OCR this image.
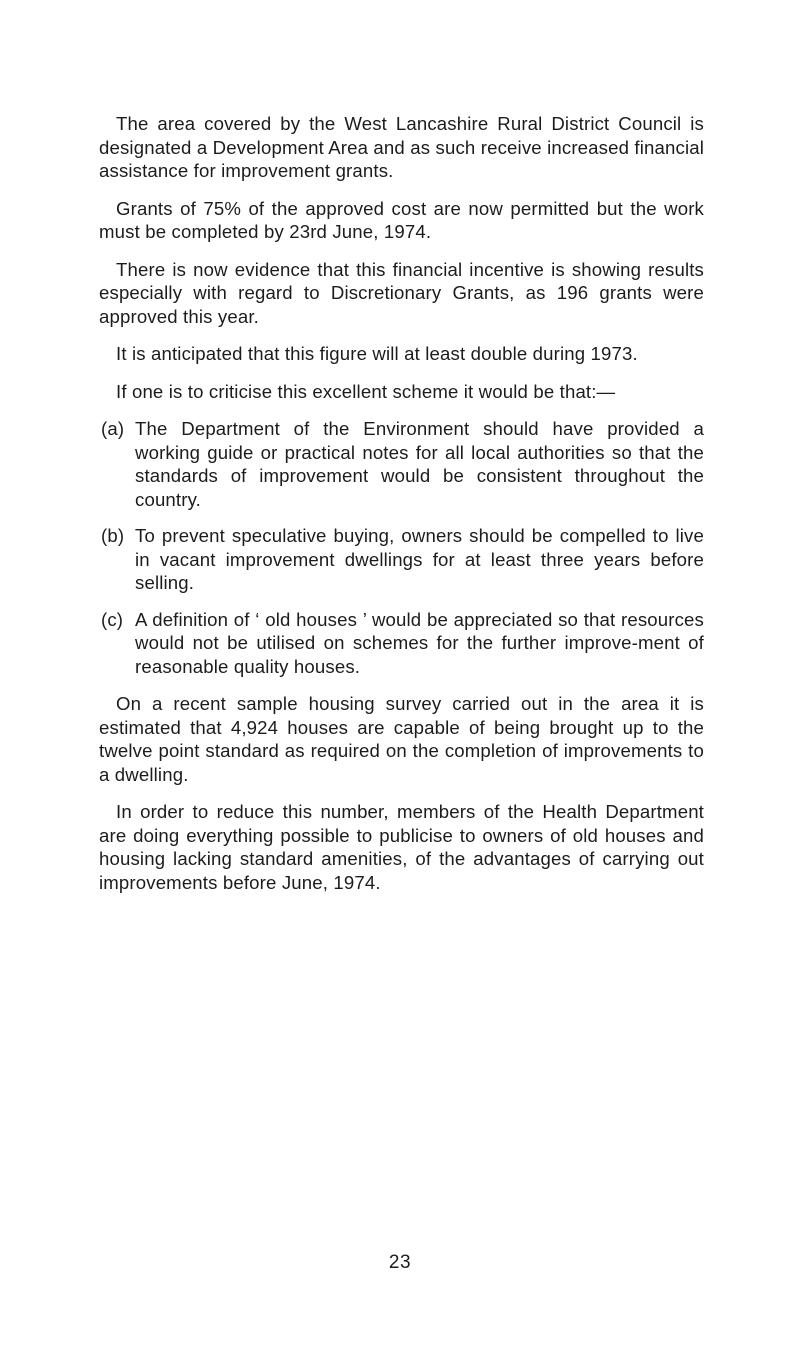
The area covered by the West Lancashire Rural District Council is designated a Development Area and as such receive increased financial assistance for improvement grants.

Grants of 75% of the approved cost are now permitted but the work must be completed by 23rd June, 1974.

There is now evidence that this financial incentive is showing results especially with regard to Discretionary Grants, as 196 grants were approved this year.

It is anticipated that this figure will at least double during 1973.

If one is to criticise this excellent scheme it would be that:—

(a) The Department of the Environment should have provided a working guide or practical notes for all local authorities so that the standards of improvement would be consistent throughout the country.
(b) To prevent speculative buying, owners should be compelled to live in vacant improvement dwellings for at least three years before selling.
(c) A definition of ‘ old houses ’ would be appreciated so that resources would not be utilised on schemes for the further improve-ment of reasonable quality houses.

On a recent sample housing survey carried out in the area it is estimated that 4,924 houses are capable of being brought up to the twelve point standard as required on the completion of improvements to a dwelling.

In order to reduce this number, members of the Health Department are doing everything possible to publicise to owners of old houses and housing lacking standard amenities, of the advantages of carrying out improvements before June, 1974.

23
